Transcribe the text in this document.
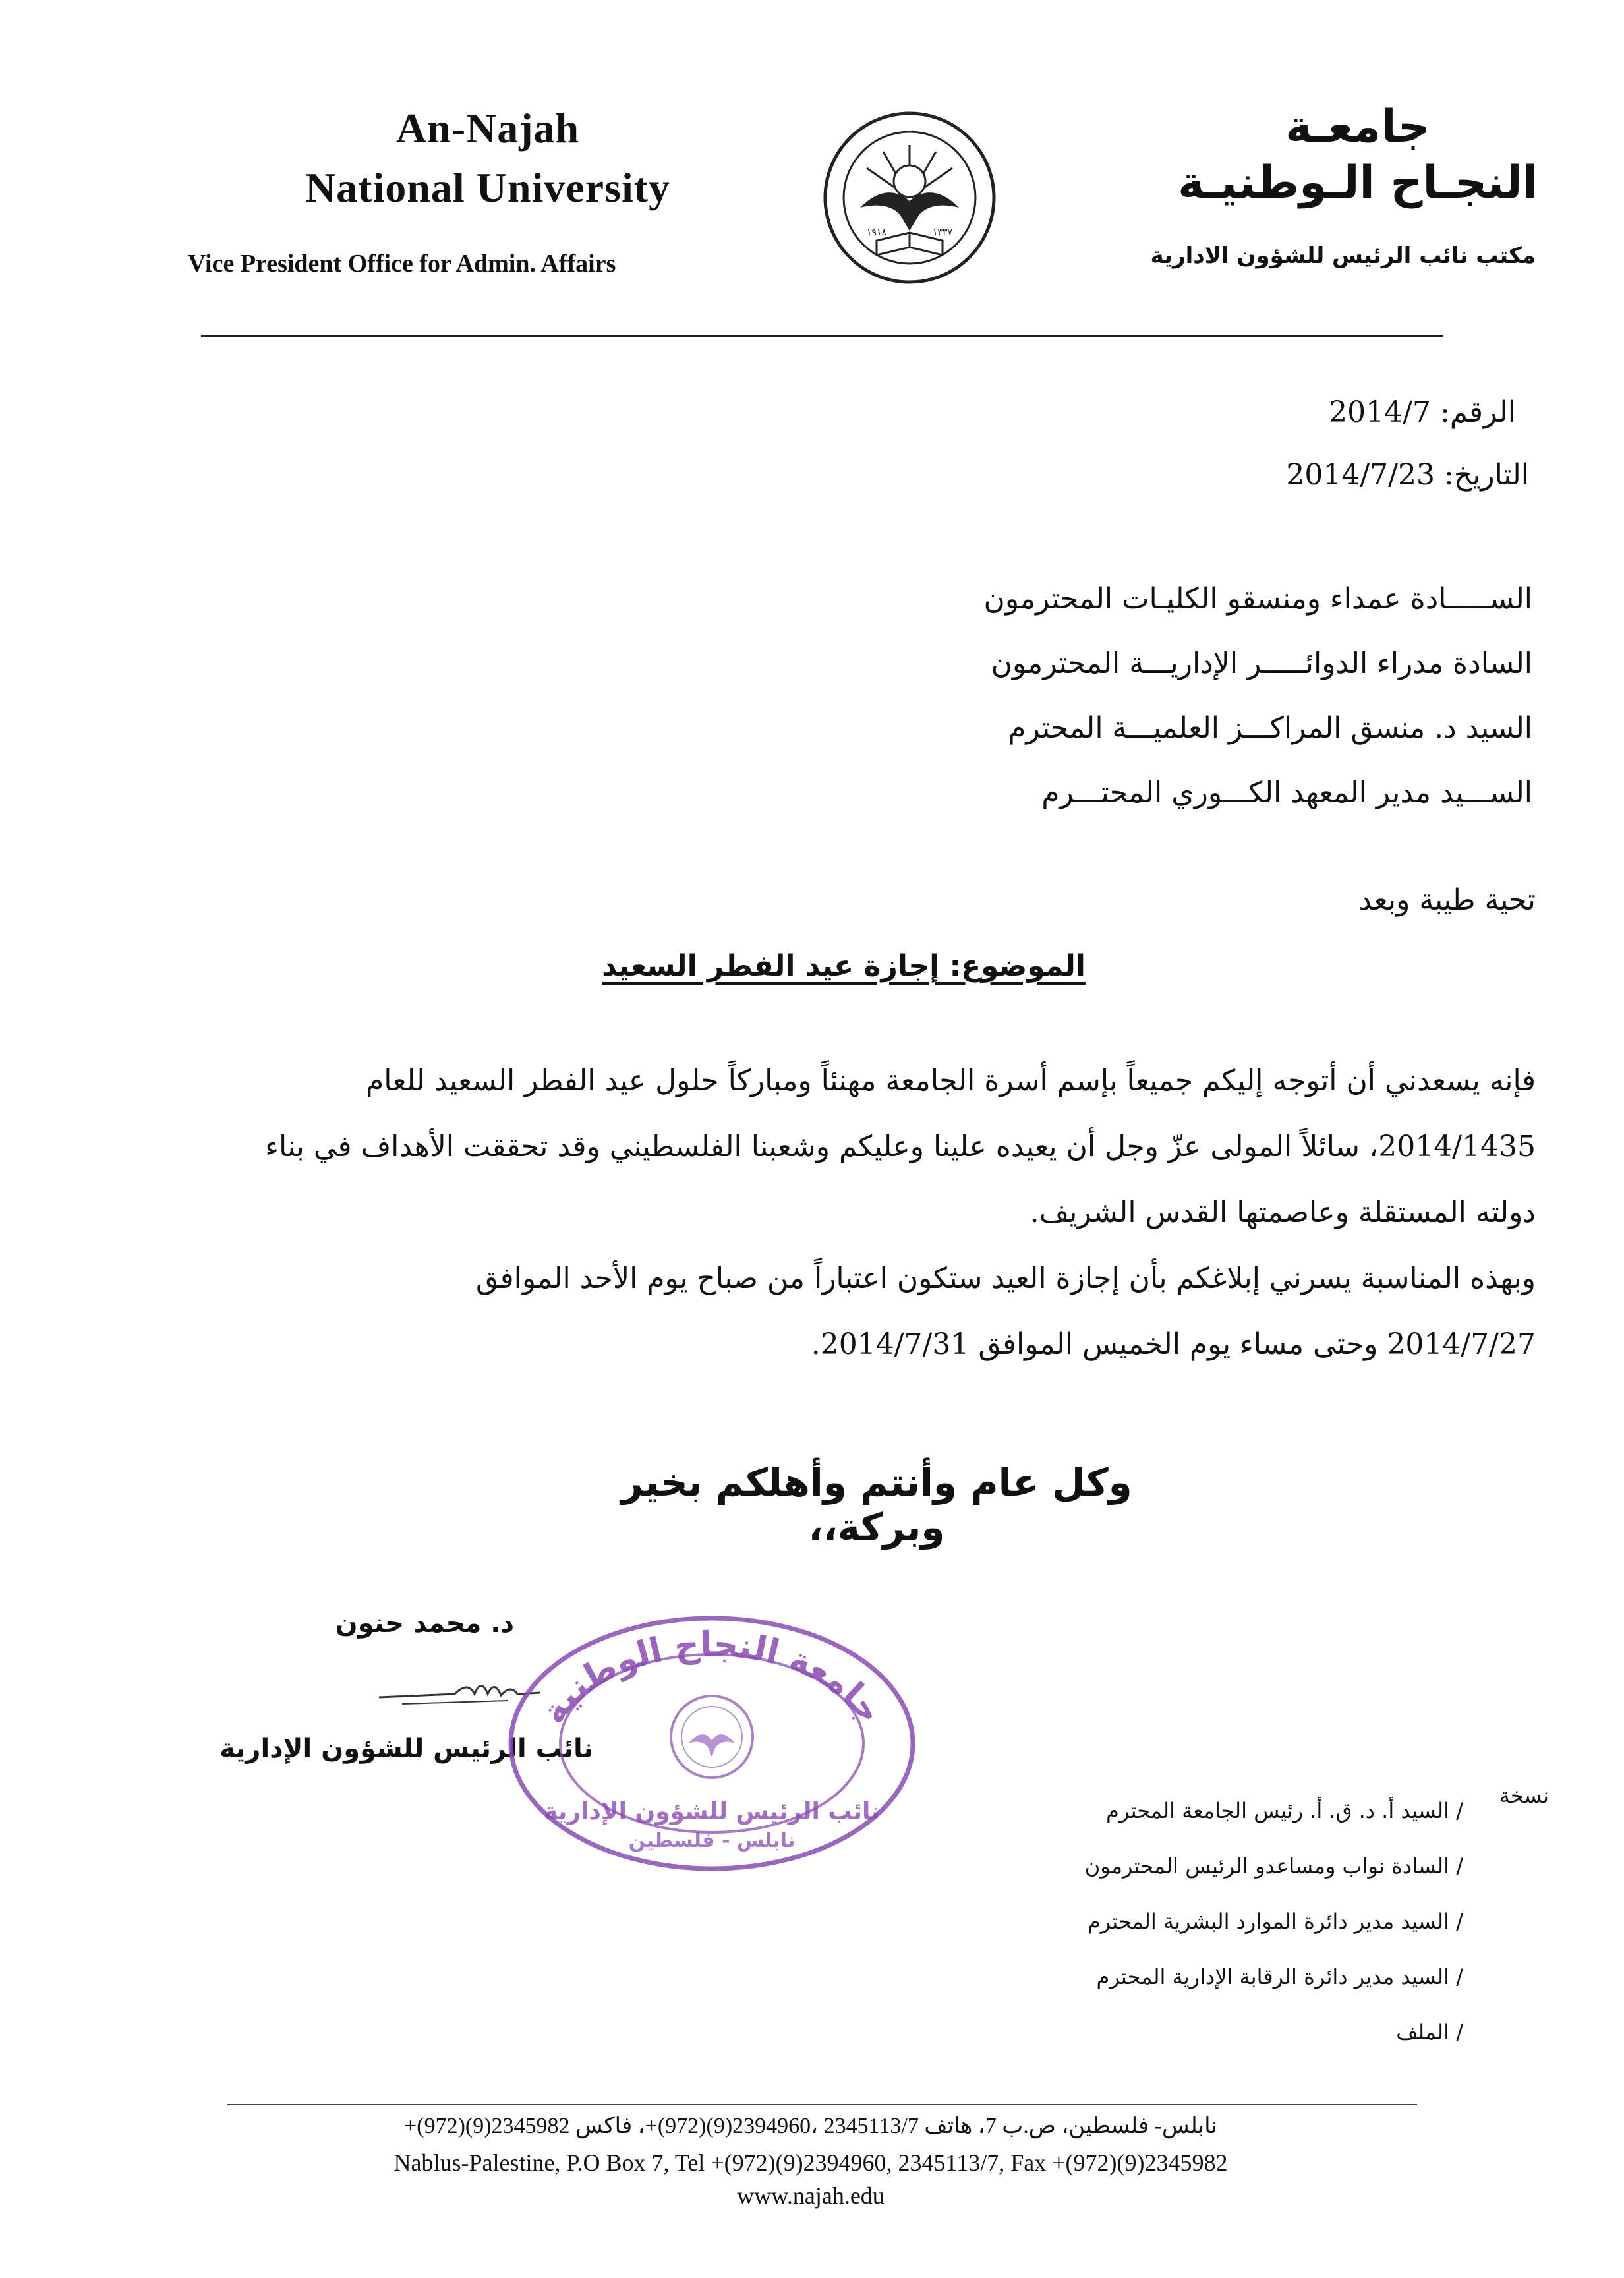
An-Najah
National University
Vice President Office for Admin. Affairs
١٩١٨	١٣٣٧
جامعـة
النجـاح الـوطنيـة
مكتب نائب الرئيس للشؤون الادارية
الرقم: 2014/7
التاريخ: 2014/7/23
الســـــادة عمداء ومنسقو الكليـات المحترمون
السادة مدراء الدوائـــــر الإداريـــة المحترمون
السيد د. منسق المراكـــز العلميـــة المحترم
الســـيد مدير المعهد الكـــوري المحتـــرم
تحية طيبة وبعد
الموضوع: إجازة عيد الفطر السعيد
فإنه يسعدني أن أتوجه إليكم جميعاً بإسم أسرة الجامعة مهنئاً ومباركاً حلول عيد الفطر السعيد للعام
2014/1435، سائلاً المولى عزّ وجل أن يعيده علينا وعليكم وشعبنا الفلسطيني وقد تحققت الأهداف في بناء
دولته المستقلة وعاصمتها القدس الشريف.
وبهذه المناسبة يسرني إبلاغكم بأن إجازة العيد ستكون اعتباراً من صباح يوم الأحد الموافق
2014/7/27 وحتى مساء يوم الخميس الموافق 2014/7/31.
وكل عام وأنتم وأهلكم بخير وبركة،،
د. محمد حنون
نائب الرئيس للشؤون الإدارية
جامعة النجاح الوطنية
نائب الرئيس للشؤون الإدارية
نابلس - فلسطين
نسخة
/ السيد أ. د. ق. أ. رئيس الجامعة المحترم
/ السادة نواب ومساعدو الرئيس المحترمون
/ السيد مدير دائرة الموارد البشرية المحترم
/ السيد مدير دائرة الرقابة الإدارية المحترم
/ الملف
نابلس- فلسطين، ص.ب 7، هاتف 2345113/7 ،2394960(9)(972)+، فاكس 2345982(9)(972)+
Nablus-Palestine, P.O Box 7, Tel +(972)(9)2394960, 2345113/7, Fax +(972)(9)2345982
www.najah.edu
